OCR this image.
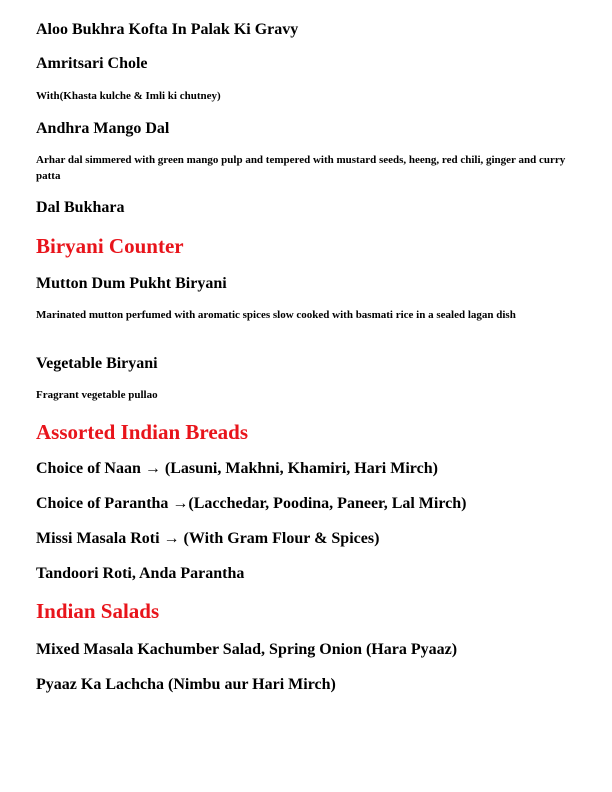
Aloo Bukhra Kofta In Palak Ki Gravy

Amritsari Chole

With(Khasta kulche & Imli ki chutney)

Andhra Mango Dal

Arhar dal simmered with green mango pulp and tempered with mustard seeds, heeng, red chili, ginger and curry patta

Dal Bukhara

Biryani Counter

Mutton Dum Pukht Biryani

Marinated mutton perfumed with aromatic spices slow cooked with basmati rice in a sealed lagan dish

Vegetable Biryani

Fragrant vegetable pullao

Assorted Indian Breads

Choice of Naan → (Lasuni, Makhni, Khamiri, Hari Mirch)

Choice of Parantha →(Lacchedar, Poodina, Paneer, Lal Mirch)

Missi Masala Roti → (With Gram Flour & Spices)

Tandoori Roti, Anda Parantha

Indian Salads

Mixed Masala Kachumber Salad, Spring Onion (Hara Pyaaz)

Pyaaz Ka Lachcha (Nimbu aur Hari Mirch)
